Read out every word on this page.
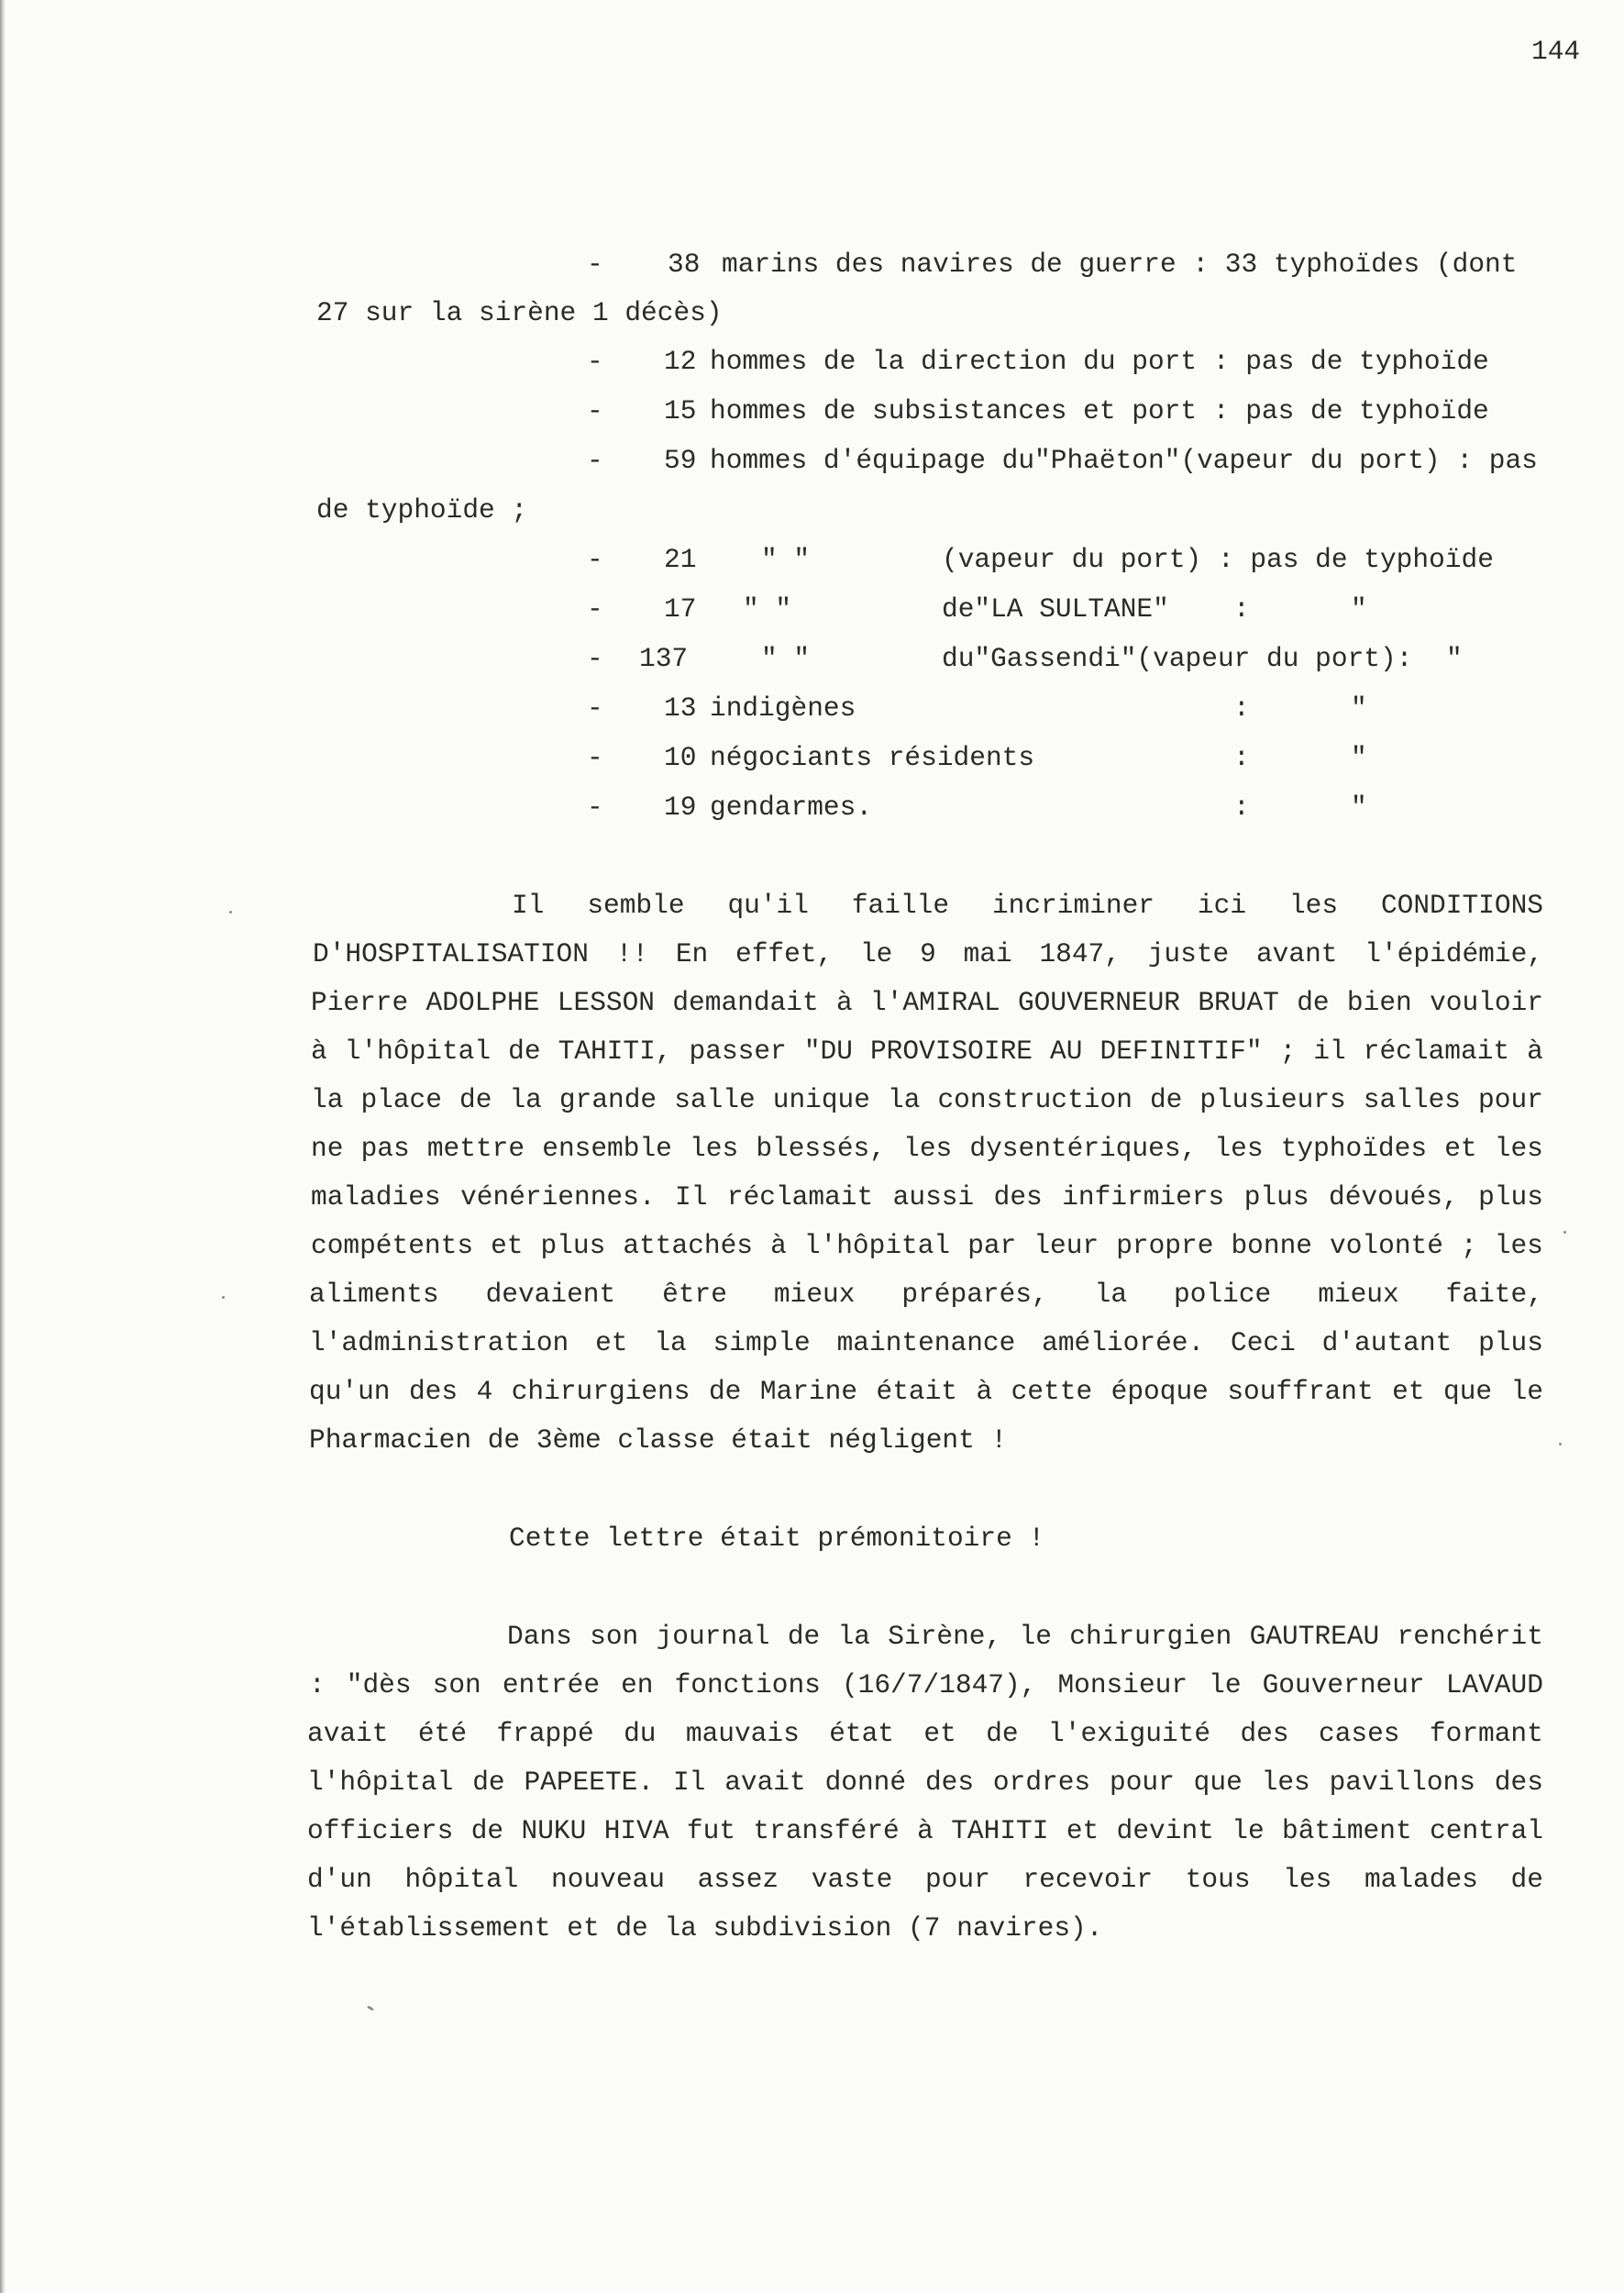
144
- 38 marins des navires de guerre : 33 typhoïdes (dont
27 sur la sirène 1 décès)
- 12 hommes de la direction du port : pas de typhoïde
- 15 hommes de subsistances et port : pas de typhoïde
- 59 hommes d'équipage du"Phaëton"(vapeur du port) : pas
de typhoïde ;
- 21 " "	(vapeur du port) : pas de typhoïde
- 17 " "	de"LA SULTANE" :	"
- 137	" "	du"Gassendi"(vapeur du port): "
- 13 indigènes	:	"
- 10 négociants résidents	:	"
- 19 gendarmes.	:	"
Il semble qu'il faille incriminer ici les CONDITIONS
D'HOSPITALISATION !! En effet, le 9 mai 1847, juste avant l'épidémie,
Pierre ADOLPHE LESSON demandait à l'AMIRAL GOUVERNEUR BRUAT de bien vouloir
à l'hôpital de TAHITI, passer "DU PROVISOIRE AU DEFINITIF" ; il réclamait à
la place de la grande salle unique la construction de plusieurs salles pour
ne pas mettre ensemble les blessés, les dysentériques, les typhoïdes et les
maladies vénériennes. Il réclamait aussi des infirmiers plus dévoués, plus
compétents et plus attachés à l'hôpital par leur propre bonne volonté ; les
aliments devaient être mieux préparés, la police mieux faite,
l'administration et la simple maintenance améliorée. Ceci d'autant plus
qu'un des 4 chirurgiens de Marine était à cette époque souffrant et que le
Pharmacien de 3ème classe était négligent !
Cette lettre était prémonitoire !
Dans son journal de la Sirène, le chirurgien GAUTREAU renchérit
: "dès son entrée en fonctions (16/7/1847), Monsieur le Gouverneur LAVAUD
avait été frappé du mauvais état et de l'exiguité des cases formant
l'hôpital de PAPEETE. Il avait donné des ordres pour que les pavillons des
officiers de NUKU HIVA fut transféré à TAHITI et devint le bâtiment central
d'un hôpital nouveau assez vaste pour recevoir tous les malades de
l'établissement et de la subdivision (7 navires).
